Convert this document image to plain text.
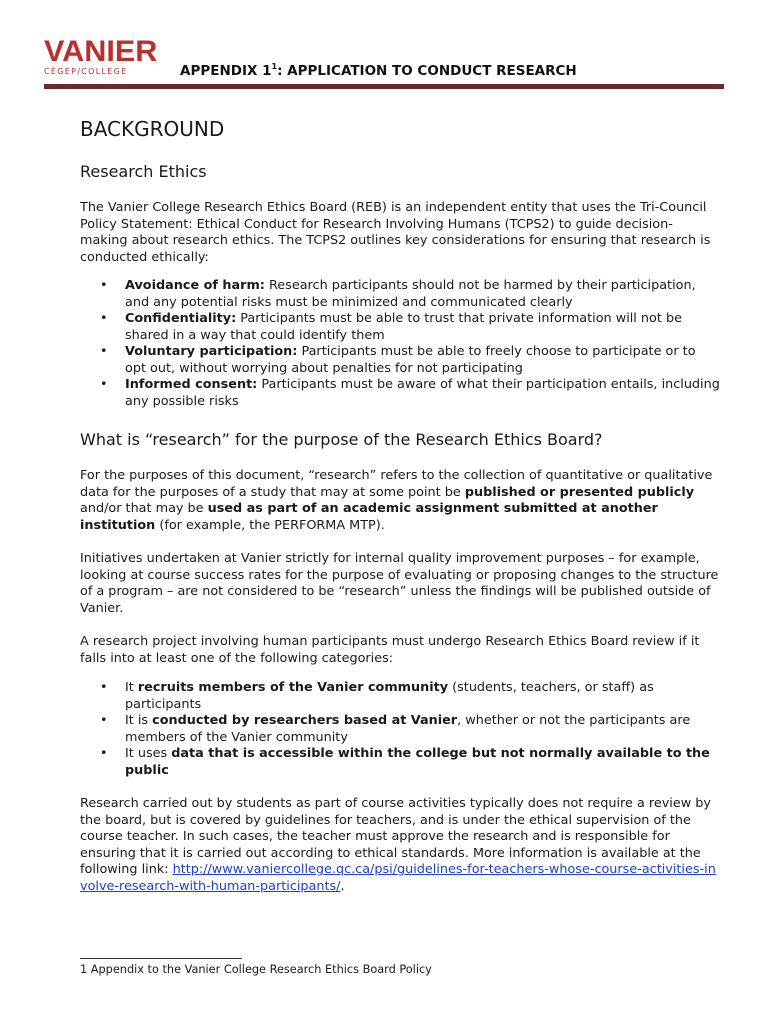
VANIER
CÉGEP/COLLEGE	APPENDIX $1^1$: APPLICATION TO CONDUCT RESEARCH
BACKGROUND
Research Ethics

The Vanier College Research Ethics Board (REB) is an independent entity that uses the Tri-Council Policy Statement: Ethical Conduct for Research Involving Humans (TCPS2) to guide decision-making about research ethics. The TCPS2 outlines key considerations for ensuring that research is conducted ethically:

• Avoidance of harm: Research participants should not be harmed by their participation, and any potential risks must be minimized and communicated clearly
• Confidentiality: Participants must be able to trust that private information will not be shared in a way that could identify them
• Voluntary participation: Participants must be able to freely choose to participate or to opt out, without worrying about penalties for not participating
• Informed consent: Participants must be aware of what their participation entails, including any possible risks
What is “research” for the purpose of the Research Ethics Board?

For the purposes of this document, “research” refers to the collection of quantitative or qualitative data for the purposes of a study that may at some point be published or presented publicly and/or that may be used as part of an academic assignment submitted at another institution (for example, the PERFORMA MTP).

Initiatives undertaken at Vanier strictly for internal quality improvement purposes – for example, looking at course success rates for the purpose of evaluating or proposing changes to the structure of a program – are not considered to be “research” unless the findings will be published outside of Vanier.

A research project involving human participants must undergo Research Ethics Board review if it falls into at least one of the following categories:

• It recruits members of the Vanier community (students, teachers, or staff) as participants
• It is conducted by researchers based at Vanier, whether or not the participants are members of the Vanier community
• It uses data that is accessible within the college but not normally available to the public

Research carried out by students as part of course activities typically does not require a review by the board, but is covered by guidelines for teachers, and is under the ethical supervision of the course teacher. In such cases, the teacher must approve the research and is responsible for ensuring that it is carried out according to ethical standards. More information is available at the following link: http://www.vaniercollege.qc.ca/psi/guidelines-for-teachers-whose-course-activities-involve-research-with-human-participants/.

1 Appendix to the Vanier College Research Ethics Board Policy
